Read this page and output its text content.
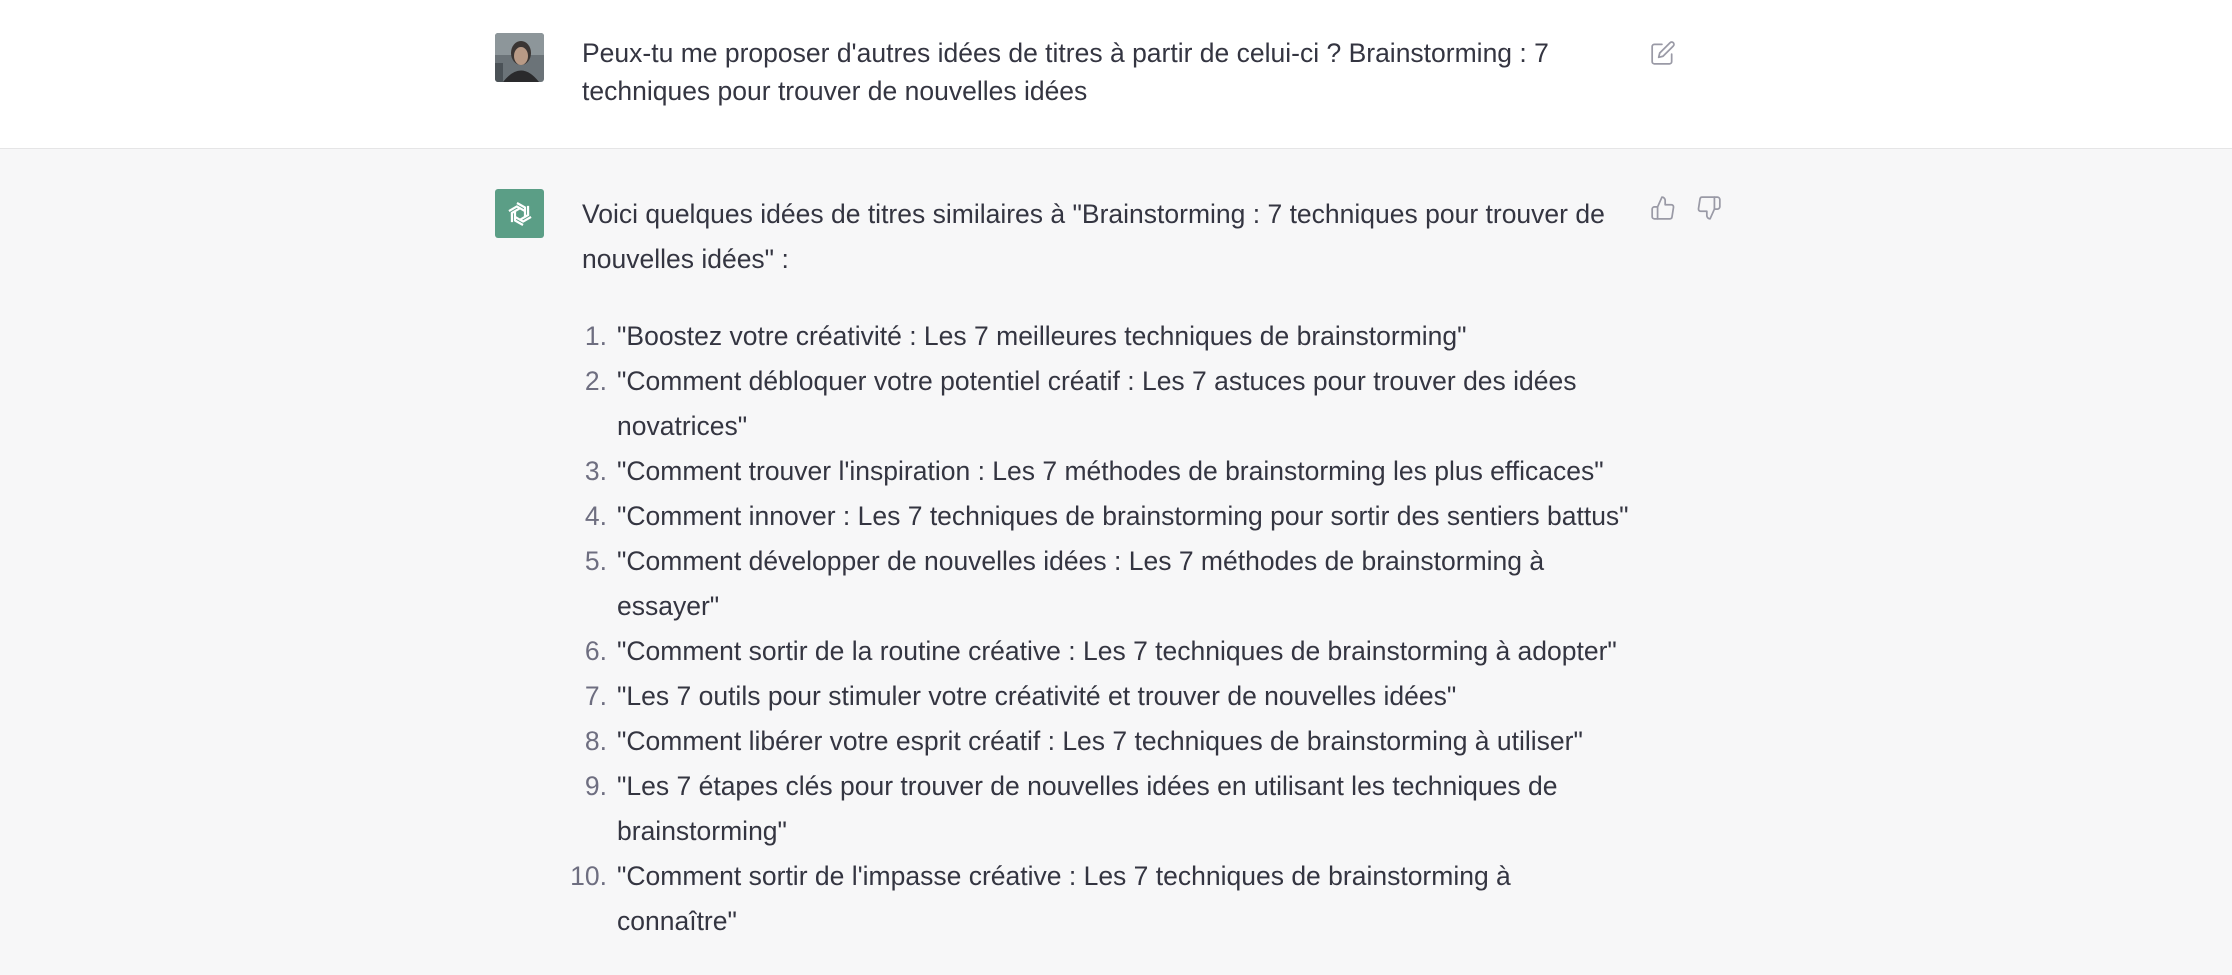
Peux-tu me proposer d'autres idées de titres à partir de celui-ci ? Brainstorming : 7 techniques pour trouver de nouvelles idées

Voici quelques idées de titres similaires à "Brainstorming : 7 techniques pour trouver de nouvelles idées" :

1. "Boostez votre créativité : Les 7 meilleures techniques de brainstorming"
2. "Comment débloquer votre potentiel créatif : Les 7 astuces pour trouver des idées novatrices"
3. "Comment trouver l'inspiration : Les 7 méthodes de brainstorming les plus efficaces"
4. "Comment innover : Les 7 techniques de brainstorming pour sortir des sentiers battus"
5. "Comment développer de nouvelles idées : Les 7 méthodes de brainstorming à essayer"
6. "Comment sortir de la routine créative : Les 7 techniques de brainstorming à adopter"
7. "Les 7 outils pour stimuler votre créativité et trouver de nouvelles idées"
8. "Comment libérer votre esprit créatif : Les 7 techniques de brainstorming à utiliser"
9. "Les 7 étapes clés pour trouver de nouvelles idées en utilisant les techniques de brainstorming"
10. "Comment sortir de l'impasse créative : Les 7 techniques de brainstorming à connaître"
